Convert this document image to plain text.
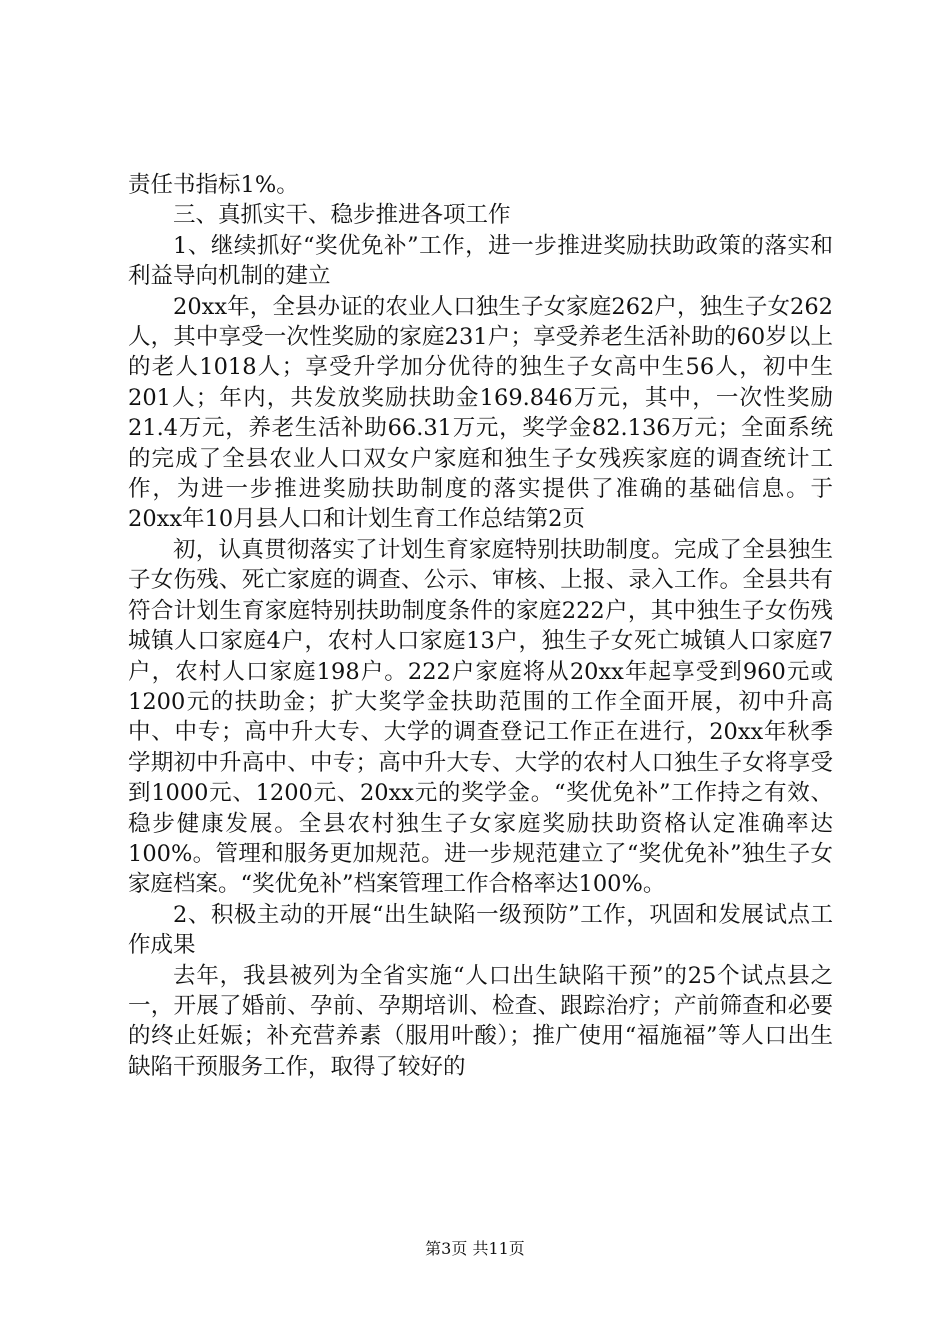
责任书指标1%。

三、真抓实干、稳步推进各项工作

1、继续抓好“奖优免补”工作，进一步推进奖励扶助政策的落实和利益导向机制的建立

20xx年，全县办证的农业人口独生子女家庭262户，独生子女262人，其中享受一次性奖励的家庭231户；享受养老生活补助的60岁以上的老人1018人；享受升学加分优待的独生子女高中生56人，初中生201人；年内，共发放奖励扶助金169.846万元，其中，一次性奖励21.4万元，养老生活补助66.31万元，奖学金82.136万元；全面系统的完成了全县农业人口双女户家庭和独生子女残疾家庭的调查统计工作，为进一步推进奖励扶助制度的落实提供了准确的基础信息。于20xx年10月县人口和计划生育工作总结第2页

初，认真贯彻落实了计划生育家庭特别扶助制度。完成了全县独生子女伤残、死亡家庭的调查、公示、审核、上报、录入工作。全县共有符合计划生育家庭特别扶助制度条件的家庭222户，其中独生子女伤残城镇人口家庭4户，农村人口家庭13户，独生子女死亡城镇人口家庭7户，农村人口家庭198户。222户家庭将从20xx年起享受到960元或1200元的扶助金；扩大奖学金扶助范围的工作全面开展，初中升高中、中专；高中升大专、大学的调查登记工作正在进行，20xx年秋季学期初中升高中、中专；高中升大专、大学的农村人口独生子女将享受到1000元、1200元、20xx元的奖学金。“奖优免补”工作持之有效、稳步健康发展。全县农村独生子女家庭奖励扶助资格认定准确率达100%。管理和服务更加规范。进一步规范建立了“奖优免补”独生子女家庭档案。“奖优免补”档案管理工作合格率达100%。

2、积极主动的开展“出生缺陷一级预防”工作，巩固和发展试点工作成果

去年，我县被列为全省实施“人口出生缺陷干预”的25个试点县之一，开展了婚前、孕前、孕期培训、检查、跟踪治疗；产前筛查和必要的终止妊娠；补充营养素（服用叶酸）；推广使用“福施福”等人口出生缺陷干预服务工作，取得了较好的

第3页 共11页
